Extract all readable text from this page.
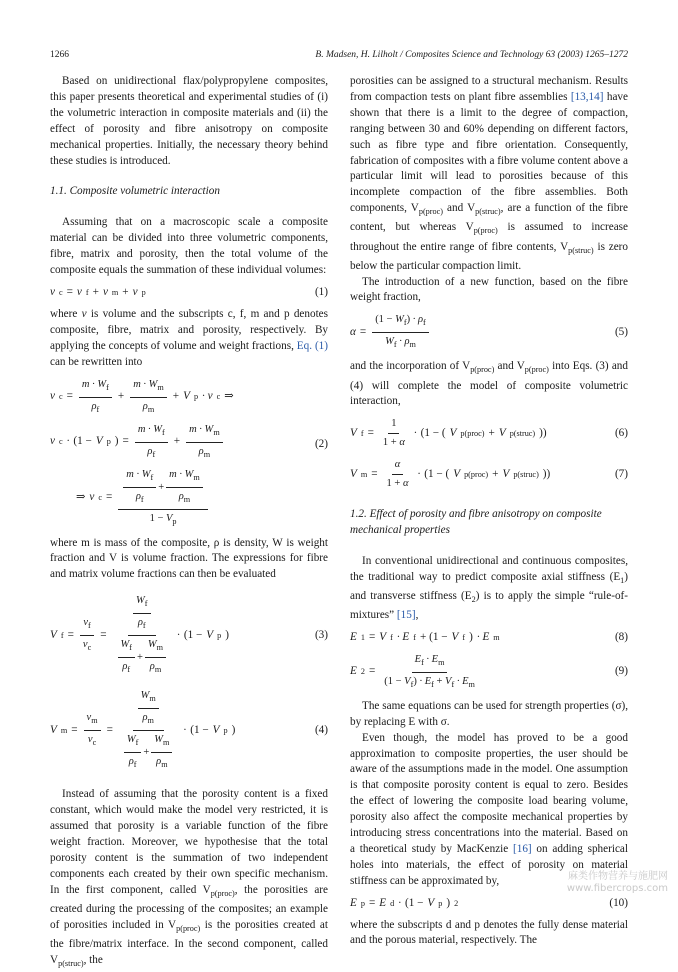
1266	B. Madsen, H. Lilholt / Composites Science and Technology 63 (2003) 1265–1272

Based on unidirectional flax/polypropylene composites, this paper presents theoretical and experimental studies of (i) the volumetric interaction in composite materials and (ii) the effect of porosity and fibre anisotropy on composite mechanical properties. Initially, the necessary theory behind these studies is introduced.

1.1. Composite volumetric interaction

Assuming that on a macroscopic scale a composite material can be divided into three volumetric components, fibre, matrix and porosity, then the total volume of the composite equals the summation of these individual volumes:

v c = v f + v m + v p	(1)

where v is volume and the subscripts c, f, m and p denotes composite, fibre, matrix and porosity, respectively. By applying the concepts of volume and weight fractions, Eq. (1) can be rewritten into

v $c = \frac{m \cdot W_f}{\rho_f} + \frac{m \cdot W_m}{\rho_m} + V$ p · v c ⇒
v c · (1 − V p ) = $\frac{m \cdot W_f}{\rho_f} + \frac{m \cdot W_m}{\rho_m}$
⇒ v $c = \frac{\frac{m \cdot W_f}{\rho_f} + \frac{m \cdot W_m}{\rho_m}}{1 - V_p}$
(2)

where m is mass of the composite, ρ is density, W is weight fraction and V is volume fraction. The expressions for fibre and matrix volume fractions can then be evaluated

V $f = \frac{v_f}{v_c} = \frac{\frac{W_f}{\rho_f}}{\frac{W_f}{\rho_f} + \frac{W_m}{\rho_m}} \cdot (1 - V$ p )	(3)
V $m = \frac{v_m}{v_c} = \frac{\frac{W_m}{\rho_m}}{\frac{W_f}{\rho_f} + \frac{W_m}{\rho_m}} \cdot (1 - V$ p )	(4)

Instead of assuming that the porosity content is a fixed constant, which would make the model very restricted, it is assumed that porosity is a variable function of the fibre weight fraction. Moreover, we hypothesise that the total porosity content is the summation of two independent components each created by their own specific mechanism. In the first component, called $V_{p(proc)}$, the porosities are created during the processing of the composites; an example of porosities included in $V_{p(proc)}$ is the porosities created at the fibre/matrix interface. In the second component, called $V_{p(struc)}$, the

porosities can be assigned to a structural mechanism. Results from compaction tests on plant fibre assemblies [13,14] have shown that there is a limit to the degree of compaction, ranging between 30 and 60% depending on different factors, such as fibre type and fibre orientation. Consequently, fabrication of composites with a fibre volume content above a particular limit will lead to porosities because of this incomplete compaction of the fibre assemblies. Both components, $V_{p(proc)}$ and $V_{p(struc)}$, are a function of the fibre content, but whereas $V_{p(proc)}$ is assumed to increase throughout the entire range of fibre contents, $V_{p(struc)}$ is zero below the particular compaction limit.

The introduction of a new function, based on the fibre weight fraction,

$\alpha = \frac{(1 - W_f) \cdot \rho_f}{W_f \cdot \rho_m}$	(5)

and the incorporation of $V_{p(proc)}$ and $V_{p(proc)}$ into Eqs. (3) and (4) will complete the model of composite volumetric interaction,

V $f = \frac{1}{1 + \alpha} \cdot (1$ − ( V p(proc) + V p(struc) ))	(6)
V $m = \frac{\alpha}{1 + \alpha} \cdot (1$ − ( V p(proc) + V p(struc) ))	(7)

1.2. Effect of porosity and fibre anisotropy on composite mechanical properties

In conventional unidirectional and continuous composites, the traditional way to predict composite axial stiffness $(E_1)$ and transverse stiffness $(E_2)$ is to apply the simple “rule-of-mixtures” [15],

E 1 = V f · E f + (1 − V f ) · E m	(8)
E $2 = \frac{E_f \cdot E_m}{(1 - V_f) \cdot E_f + V_f \cdot E_m}$	(9)

The same equations can be used for strength properties (σ), by replacing E with σ.

Even though, the model has proved to be a good approximation to composite properties, the user should be aware of the assumptions made in the model. One assumption is that composite porosity content is equal to zero. Besides the effect of lowering the composite load bearing volume, porosity also affect the composite mechanical properties by introducing stress concentrations into the material. Based on a theoretical study by MacKenzie [16] on adding spherical holes into materials, the effect of porosity on material stiffness can be approximated by,

E p = E d · (1 − V p ) 2	(10)

where the subscripts d and p denotes the fully dense material and the porous material, respectively. The

麻类作物营养与施肥网
www.fibercrops.com
